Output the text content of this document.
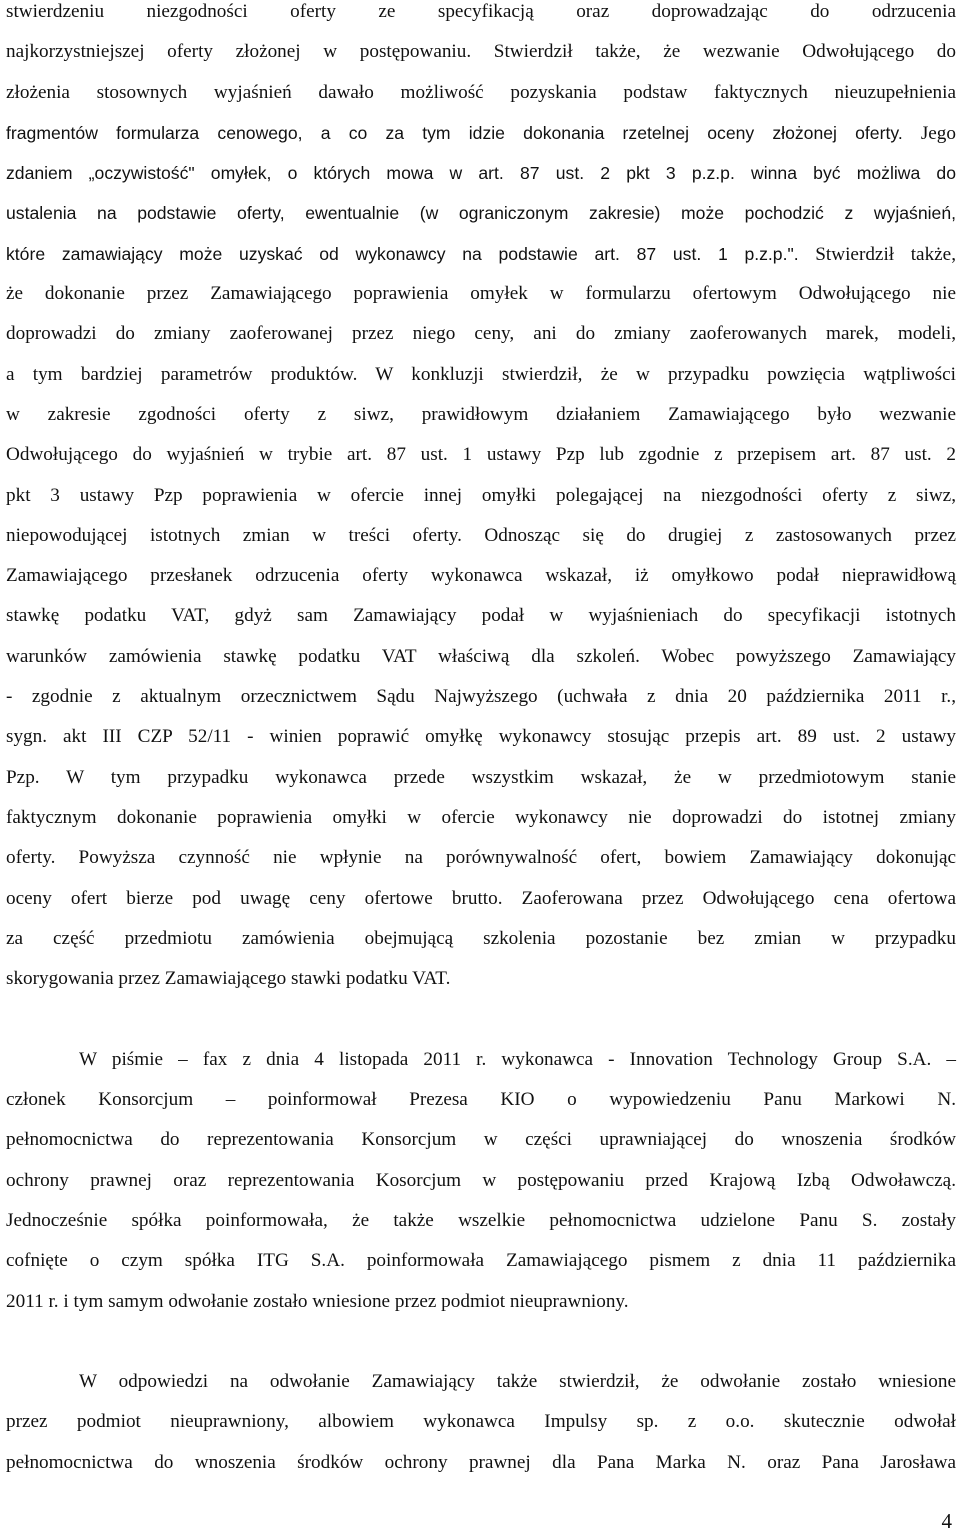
stwierdzeniu niezgodności oferty ze specyfikacją oraz doprowadzając do odrzucenia
najkorzystniejszej oferty złożonej w postępowaniu. Stwierdził także, że wezwanie Odwołującego do
złożenia stosownych wyjaśnień dawało możliwość pozyskania podstaw faktycznych nieuzupełnienia
fragmentów formularza cenowego, a co za tym idzie dokonania rzetelnej oceny złożonej oferty. Jego
zdaniem „oczywistość" omyłek, o których mowa w art. 87 ust. 2 pkt 3 p.z.p. winna być możliwa do
ustalenia na podstawie oferty, ewentualnie (w ograniczonym zakresie) może pochodzić z wyjaśnień,
które zamawiający może uzyskać od wykonawcy na podstawie art. 87 ust. 1 p.z.p.". Stwierdził także,
że dokonanie przez Zamawiającego poprawienia omyłek w formularzu ofertowym Odwołującego nie
doprowadzi do zmiany zaoferowanej przez niego ceny, ani do zmiany zaoferowanych marek, modeli,
a tym bardziej parametrów produktów. W konkluzji stwierdził, że w przypadku powzięcia wątpliwości
w zakresie zgodności oferty z siwz, prawidłowym działaniem Zamawiającego było wezwanie
Odwołującego do wyjaśnień w trybie art. 87 ust. 1 ustawy Pzp lub zgodnie z przepisem art. 87 ust. 2
pkt 3 ustawy Pzp poprawienia w ofercie innej omyłki polegającej na niezgodności oferty z siwz,
niepowodującej istotnych zmian w treści oferty. Odnosząc się do drugiej z zastosowanych przez
Zamawiającego przesłanek odrzucenia oferty wykonawca wskazał, iż omyłkowo podał nieprawidłową
stawkę podatku VAT, gdyż sam Zamawiający podał w wyjaśnieniach do specyfikacji istotnych
warunków zamówienia stawkę podatku VAT właściwą dla szkoleń. Wobec powyższego Zamawiający
- zgodnie z aktualnym orzecznictwem Sądu Najwyższego (uchwała z dnia 20 października 2011 r.,
sygn. akt III CZP 52/11 - winien poprawić omyłkę wykonawcy stosując przepis art. 89 ust. 2 ustawy
Pzp. W tym przypadku wykonawca przede wszystkim wskazał, że w przedmiotowym stanie
faktycznym dokonanie poprawienia omyłki w ofercie wykonawcy nie doprowadzi do istotnej zmiany
oferty. Powyższa czynność nie wpłynie na porównywalność ofert, bowiem Zamawiający dokonując
oceny ofert bierze pod uwagę ceny ofertowe brutto. Zaoferowana przez Odwołującego cena ofertowa
za część przedmiotu zamówienia obejmującą szkolenia pozostanie bez zmian w przypadku
skorygowania przez Zamawiającego stawki podatku VAT.
W piśmie – fax z dnia 4 listopada 2011 r. wykonawca - Innovation Technology Group S.A. –
członek Konsorcjum – poinformował Prezesa KIO o wypowiedzeniu Panu Markowi N.
pełnomocnictwa do reprezentowania Konsorcjum w części uprawniającej do wnoszenia środków
ochrony prawnej oraz reprezentowania Kosorcjum w postępowaniu przed Krajową Izbą Odwoławczą.
Jednocześnie spółka poinformowała, że także wszelkie pełnomocnictwa udzielone Panu S. zostały
cofnięte o czym spółka ITG S.A. poinformowała Zamawiającego pismem z dnia 11 października
2011 r. i tym samym odwołanie zostało wniesione przez podmiot nieuprawniony.
W odpowiedzi na odwołanie Zamawiający także stwierdził, że odwołanie zostało wniesione
przez podmiot nieuprawniony, albowiem wykonawca Impulsy sp. z o.o. skutecznie odwołał
pełnomocnictwa do wnoszenia środków ochrony prawnej dla Pana Marka N. oraz Pana Jarosława
4
